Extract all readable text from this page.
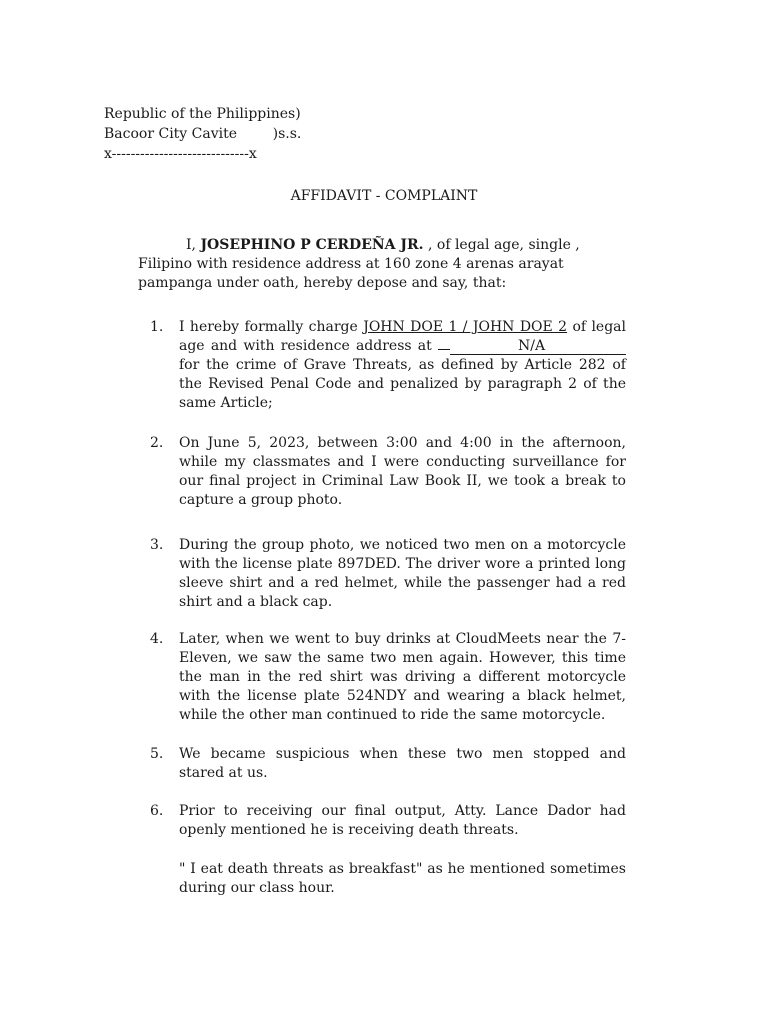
Republic of the Philippines)
Bacoor City Cavite        )s.s.
x-----------------------------x
AFFIDAVIT - COMPLAINT
I, JOSEPHINO P CERDEÑA JR. , of legal age, single , Filipino with residence address at 160 zone 4 arenas arayat pampanga under oath, hereby depose and say, that:
1.	I hereby formally charge JOHN DOE 1 / JOHN DOE 2 of legal age and with residence address at	N/Afor the crime of Grave Threats, as defined by Article 282 of the Revised Penal Code and penalized by paragraph 2 of the same Article;
2.	On June 5, 2023, between 3:00 and 4:00 in the afternoon, while my classmates and I were conducting surveillance for our final project in Criminal Law Book II, we took a break to capture a group photo.
3.	During the group photo, we noticed two men on a motorcycle with the license plate 897DED. The driver wore a printed long sleeve shirt and a red helmet, while the passenger had a red shirt and a black cap.
4.	Later, when we went to buy drinks at CloudMeets near the 7-Eleven, we saw the same two men again. However, this time the man in the red shirt was driving a different motorcycle with the license plate 524NDY and wearing a black helmet, while the other man continued to ride the same motorcycle.
5.	We became suspicious when these two men stopped and stared at us.
6.	Prior to receiving our final output, Atty. Lance Dador had openly mentioned he is receiving death threats.
" I eat death threats as breakfast" as he mentioned sometimes during our class hour.
